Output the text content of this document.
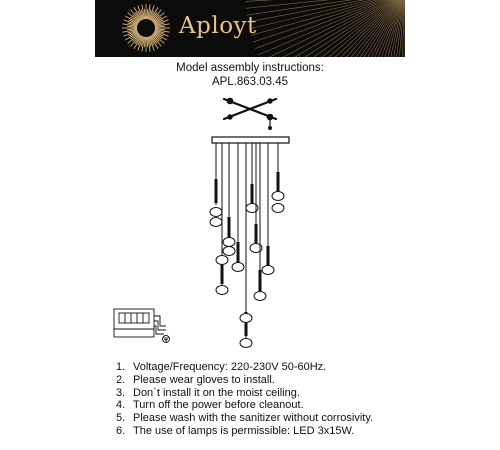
Aployt
Model assembly instructions:
APL.863.03.45
1. Voltage/Frequency: 220-230V 50-60Hz.
2. Please wear gloves to install.
3. Don`t install it on the moist ceiling.
4. Turn off the power before cleanout.
5. Please wash with the sanitizer without corrosivity.
6. The use of lamps is permissible: LED 3x15W.
